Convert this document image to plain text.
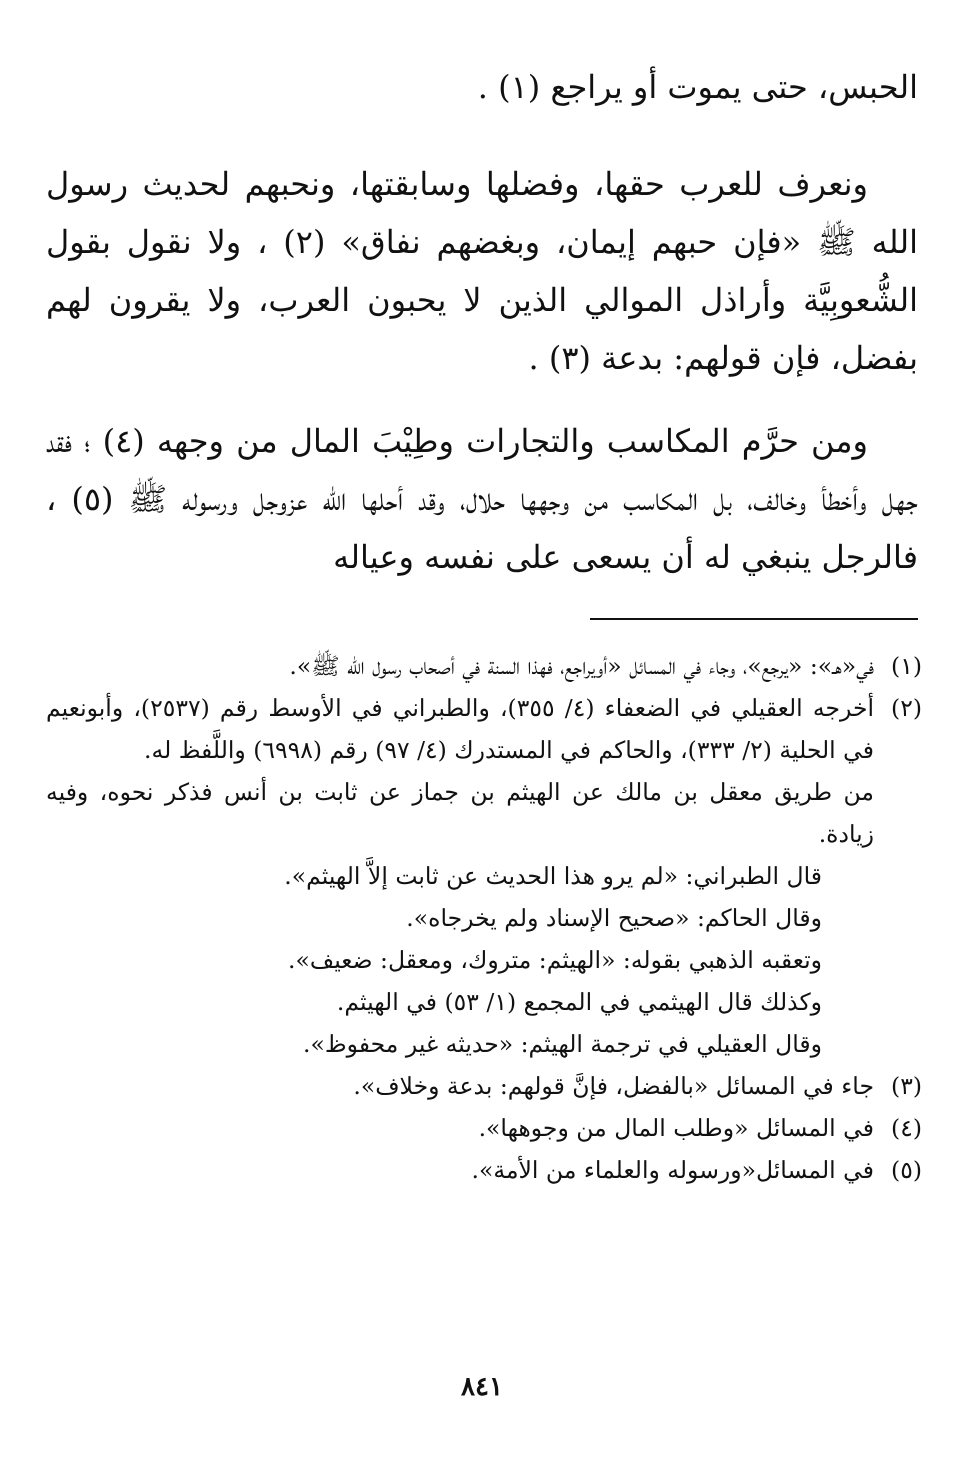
الحبس، حتى يموت أو يراجع (١) .
ونعرف للعرب حقها، وفضلها وسابقتها، ونحبهم لحديث رسول الله ﷺ «فإن حبهم إيمان، وبغضهم نفاق» (٢) ، ولا نقول بقول الشُّعوبِيَّة وأراذل الموالي الذين لا يحبون العرب، ولا يقرون لهم بفضل، فإن قولهم: بدعة (٣) .
ومن حرَّم المكاسب والتجارات وطِيْبَ المال من وجهه (٤) ؛ فقد جهل وأخطأ وخالف، بل المكاسب من وجهها حلال، وقد أحلها الله عزوجل ورسوله ﷺ (٥) ، فالرجل ينبغي له أن يسعى على نفسه وعياله
(١)
في«هـ»: «يرجع»، وجاء في المسائل «أويراجع، فهذا السنة في أصحاب رسول الله ﷺ».
(٢)
أخرجه العقيلي في الضعفاء (٤/ ٣٥٥)، والطبراني في الأوسط رقم (٢٥٣٧)، وأبونعيم في الحلية (٢/ ٣٣٣)، والحاكم في المستدرك (٤/ ٩٧) رقم (٦٩٩٨) واللَّفظ له.
من طريق معقل بن مالك عن الهيثم بن جماز عن ثابت بن أنس فذكر نحوه، وفيه زيادة.
قال الطبراني: «لم يرو هذا الحديث عن ثابت إلاَّ الهيثم».
وقال الحاكم: «صحيح الإسناد ولم يخرجاه».
وتعقبه الذهبي بقوله: «الهيثم: متروك، ومعقل: ضعيف».
وكذلك قال الهيثمي في المجمع (١/ ٥٣) في الهيثم.
وقال العقيلي في ترجمة الهيثم: «حديثه غير محفوظ».
(٣)
جاء في المسائل «بالفضل، فإنَّ قولهم: بدعة وخلاف».
(٤)
في المسائل «وطلب المال من وجوهها».
(٥)
في المسائل«ورسوله والعلماء من الأمة».
٨٤١
